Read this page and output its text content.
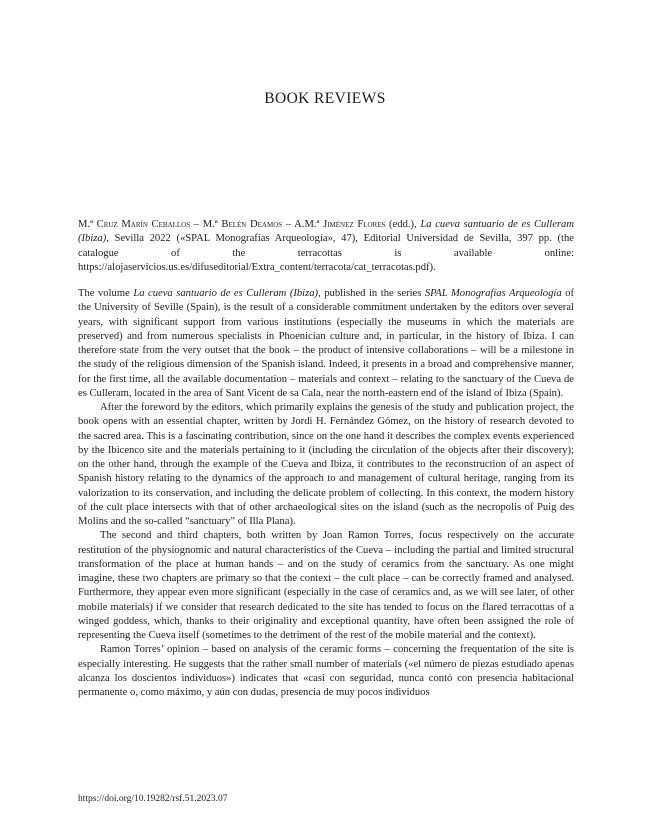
BOOK REVIEWS

M.ª Cruz Marín Ceballos – M.ª Belén Deamos – A.M.ª Jiménez Flores (edd.), La cueva santuario de es Culleram (Ibiza), Sevilla 2022 («SPAL Monografías Arqueología», 47), Editorial Universidad de Sevilla, 397 pp. (the catalogue of the terracottas is available online: https://alojaservicios.us.es/difuseditorial/Extra_content/terracota/cat_terracotas.pdf).

The volume La cueva santuario de es Culleram (Ibiza), published in the series SPAL Monografías Arqueología of the University of Seville (Spain), is the result of a considerable commitment undertaken by the editors over several years, with significant support from various institutions (especially the museums in which the materials are preserved) and from numerous specialists in Phoenician culture and, in particular, in the history of Ibiza. I can therefore state from the very outset that the book – the product of intensive collaborations – will be a milestone in the study of the religious dimension of the Spanish island. Indeed, it presents in a broad and comprehensive manner, for the first time, all the available documentation – materials and context – relating to the sanctuary of the Cueva de es Culleram, located in the area of Sant Vicent de sa Cala, near the north-eastern end of the island of Ibiza (Spain).

After the foreword by the editors, which primarily explains the genesis of the study and publication project, the book opens with an essential chapter, written by Jordi H. Fernández Gómez, on the history of research devoted to the sacred area. This is a fascinating contribution, since on the one hand it describes the complex events experienced by the Ibicenco site and the materials pertaining to it (including the circulation of the objects after their discovery); on the other hand, through the example of the Cueva and Ibiza, it contributes to the reconstruction of an aspect of Spanish history relating to the dynamics of the approach to and management of cultural heritage, ranging from its valorization to its conservation, and including the delicate problem of collecting. In this context, the modern history of the cult place intersects with that of other archaeological sites on the island (such as the necropolis of Puig des Molins and the so-called “sanctuary” of Illa Plana).

The second and third chapters, both written by Joan Ramon Torres, focus respectively on the accurate restitution of the physiognomic and natural characteristics of the Cueva – including the partial and limited structural transformation of the place at human hands – and on the study of ceramics from the sanctuary. As one might imagine, these two chapters are primary so that the context – the cult place – can be correctly framed and analysed. Furthermore, they appear even more significant (especially in the case of ceramics and, as we will see later, of other mobile materials) if we consider that research dedicated to the site has tended to focus on the flared terracottas of a winged goddess, which, thanks to their originality and exceptional quantity, have often been assigned the role of representing the Cueva itself (sometimes to the detriment of the rest of the mobile material and the context).

Ramon Torres’ opinion – based on analysis of the ceramic forms – concerning the frequentation of the site is especially interesting. He suggests that the rather small number of materials («el número de piezas estudiado apenas alcanza los doscientos individuos») indicates that «casi con seguridad, nunca contó con presencia habitacional permanente o, como máximo, y aún con dudas, presencia de muy pocos individuos

https://doi.org/10.19282/rsf.51.2023.07
